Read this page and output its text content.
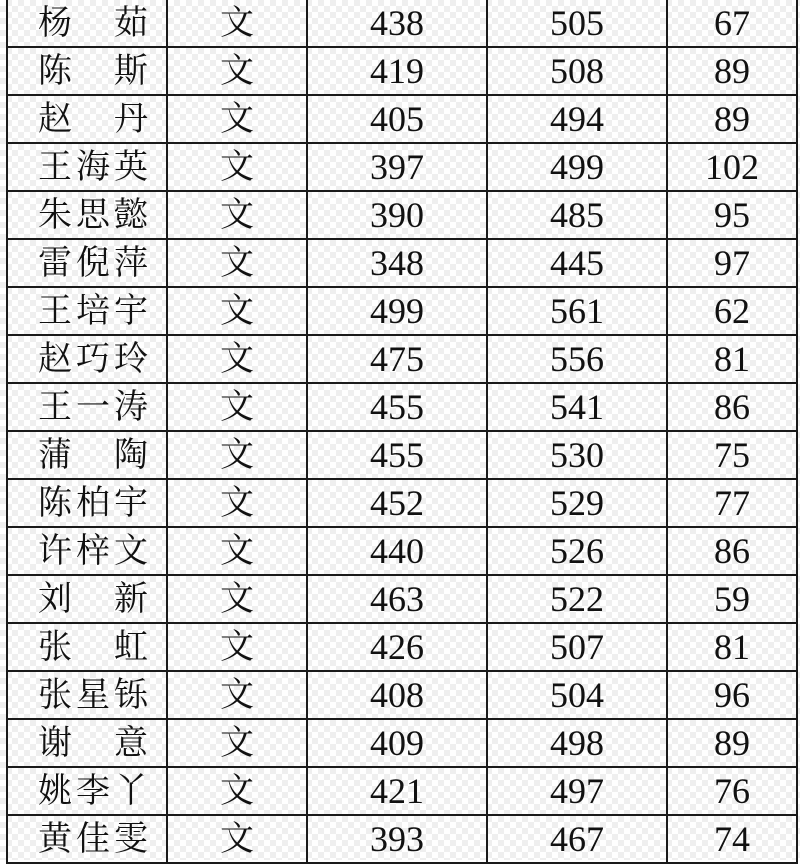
杨　茹	文	438	505	67
陈　斯	文	419	508	89
赵　丹	文	405	494	89
王海英	文	397	499	102
朱思懿	文	390	485	95
雷倪萍	文	348	445	97
王培宇	文	499	561	62
赵巧玲	文	475	556	81
王一涛	文	455	541	86
蒲　陶	文	455	530	75
陈柏宇	文	452	529	77
许梓文	文	440	526	86
刘　新	文	463	522	59
张　虹	文	426	507	81
张星铄	文	408	504	96
谢　意	文	409	498	89
姚李丫	文	421	497	76
黄佳雯	文	393	467	74
